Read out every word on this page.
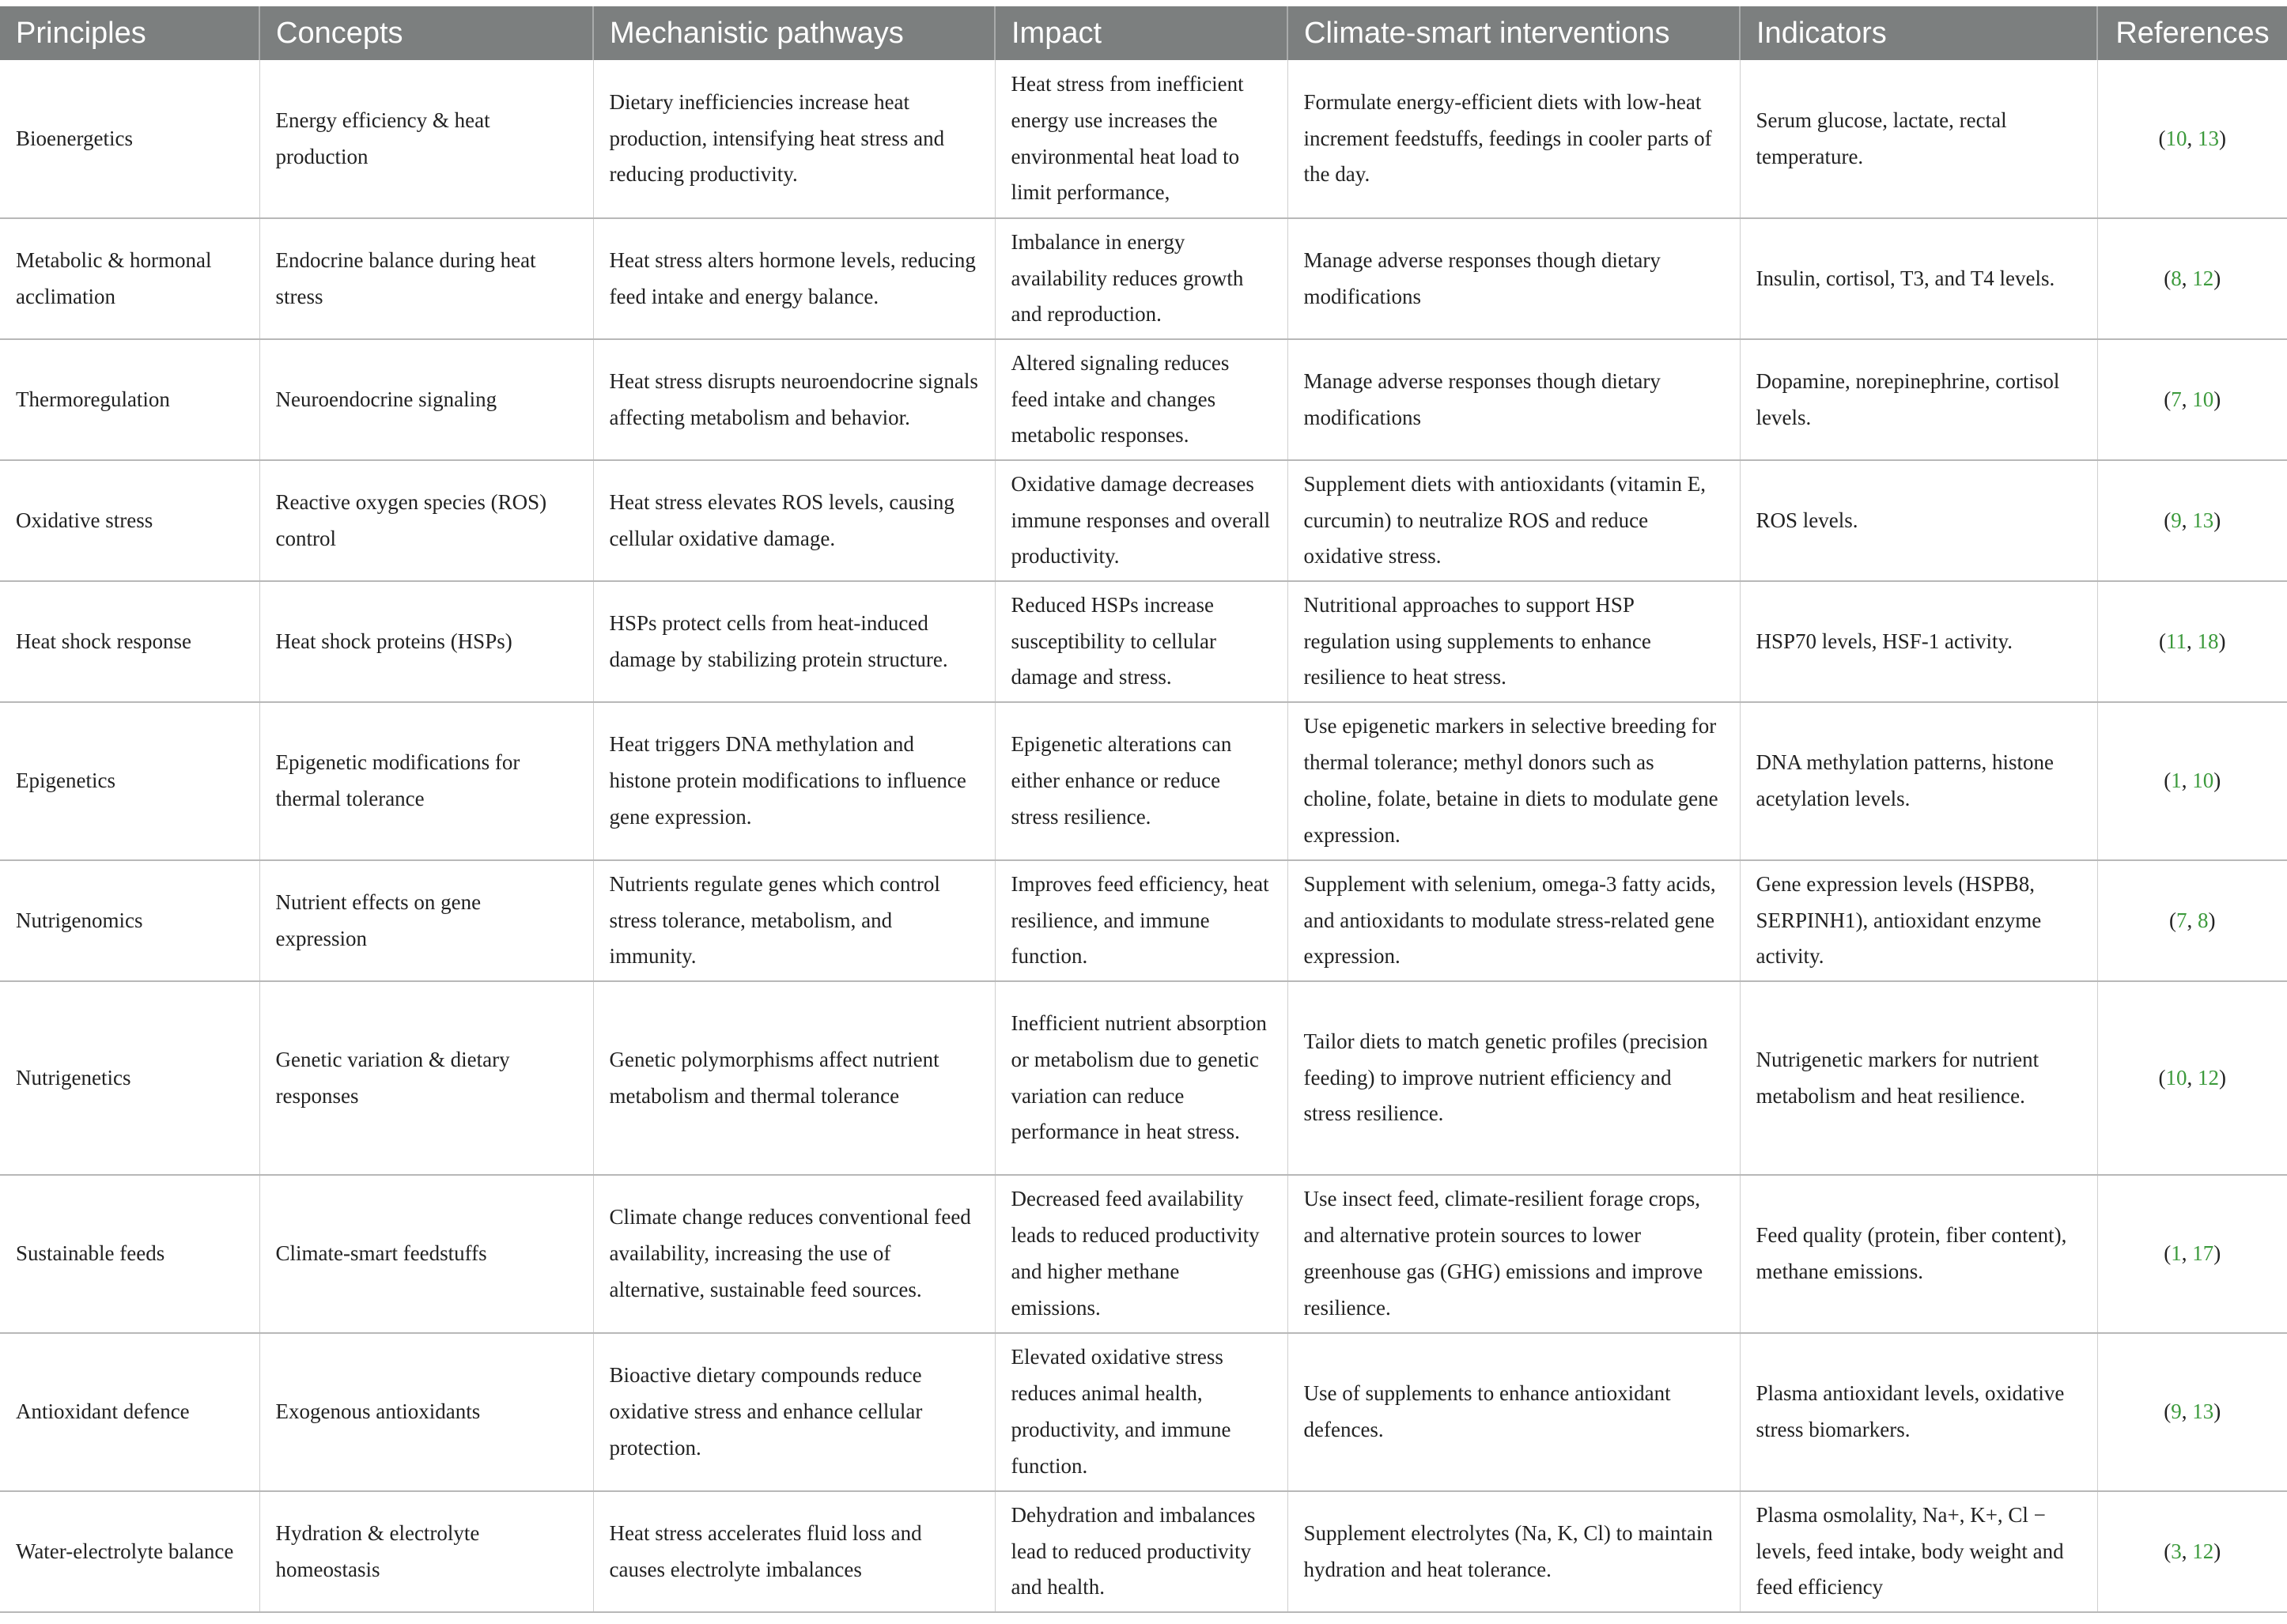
Principles	Concepts	Mechanistic pathways	Impact	Climate-smart interventions	Indicators	References
Bioenergetics	Energy efficiency & heat production	Dietary inefficiencies increase heat production, intensifying heat stress and reducing productivity.	Heat stress from inefficient energy use increases the environmental heat load to limit performance,	Formulate energy-efficient diets with low-heat increment feedstuffs, feedings in cooler parts of the day.	Serum glucose, lactate, rectal temperature.	(10, 13)
Metabolic & hormonal acclimation	Endocrine balance during heat stress	Heat stress alters hormone levels, reducing feed intake and energy balance.	Imbalance in energy availability reduces growth and reproduction.	Manage adverse responses though dietary modifications	Insulin, cortisol, T3, and T4 levels.	(8, 12)
Thermoregulation	Neuroendocrine signaling	Heat stress disrupts neuroendocrine signals affecting metabolism and behavior.	Altered signaling reduces feed intake and changes metabolic responses.	Manage adverse responses though dietary modifications	Dopamine, norepinephrine, cortisol levels.	(7, 10)
Oxidative stress	Reactive oxygen species (ROS) control	Heat stress elevates ROS levels, causing cellular oxidative damage.	Oxidative damage decreases immune responses and overall productivity.	Supplement diets with antioxidants (vitamin E, curcumin) to neutralize ROS and reduce oxidative stress.	ROS levels.	(9, 13)
Heat shock response	Heat shock proteins (HSPs)	HSPs protect cells from heat-induced damage by stabilizing protein structure.	Reduced HSPs increase susceptibility to cellular damage and stress.	Nutritional approaches to support HSP regulation using supplements to enhance resilience to heat stress.	HSP70 levels, HSF-1 activity.	(11, 18)
Epigenetics	Epigenetic modifications for thermal tolerance	Heat triggers DNA methylation and histone protein modifications to influence gene expression.	Epigenetic alterations can either enhance or reduce stress resilience.	Use epigenetic markers in selective breeding for thermal tolerance; methyl donors such as choline, folate, betaine in diets to modulate gene expression.	DNA methylation patterns, histone acetylation levels.	(1, 10)
Nutrigenomics	Nutrient effects on gene expression	Nutrients regulate genes which control stress tolerance, metabolism, and immunity.	Improves feed efficiency, heat resilience, and immune function.	Supplement with selenium, omega-3 fatty acids, and antioxidants to modulate stress-related gene expression.	Gene expression levels (HSPB8, SERPINH1), antioxidant enzyme activity.	(7, 8)
Nutrigenetics	Genetic variation & dietary responses	Genetic polymorphisms affect nutrient metabolism and thermal tolerance	Inefficient nutrient absorption or metabolism due to genetic variation can reduce performance in heat stress.	Tailor diets to match genetic profiles (precision feeding) to improve nutrient efficiency and stress resilience.	Nutrigenetic markers for nutrient metabolism and heat resilience.	(10, 12)
Sustainable feeds	Climate-smart feedstuffs	Climate change reduces conventional feed availability, increasing the use of alternative, sustainable feed sources.	Decreased feed availability leads to reduced productivity and higher methane emissions.	Use insect feed, climate-resilient forage crops, and alternative protein sources to lower greenhouse gas (GHG) emissions and improve resilience.	Feed quality (protein, fiber content), methane emissions.	(1, 17)
Antioxidant defence	Exogenous antioxidants	Bioactive dietary compounds reduce oxidative stress and enhance cellular protection.	Elevated oxidative stress reduces animal health, productivity, and immune function.	Use of supplements to enhance antioxidant defences.	Plasma antioxidant levels, oxidative stress biomarkers.	(9, 13)
Water-electrolyte balance	Hydration & electrolyte homeostasis	Heat stress accelerates fluid loss and causes electrolyte imbalances	Dehydration and imbalances lead to reduced productivity and health.	Supplement electrolytes (Na, K, Cl) to maintain hydration and heat tolerance.	Plasma osmolality, Na+, K+, Cl − levels, feed intake, body weight and feed efficiency	(3, 12)
